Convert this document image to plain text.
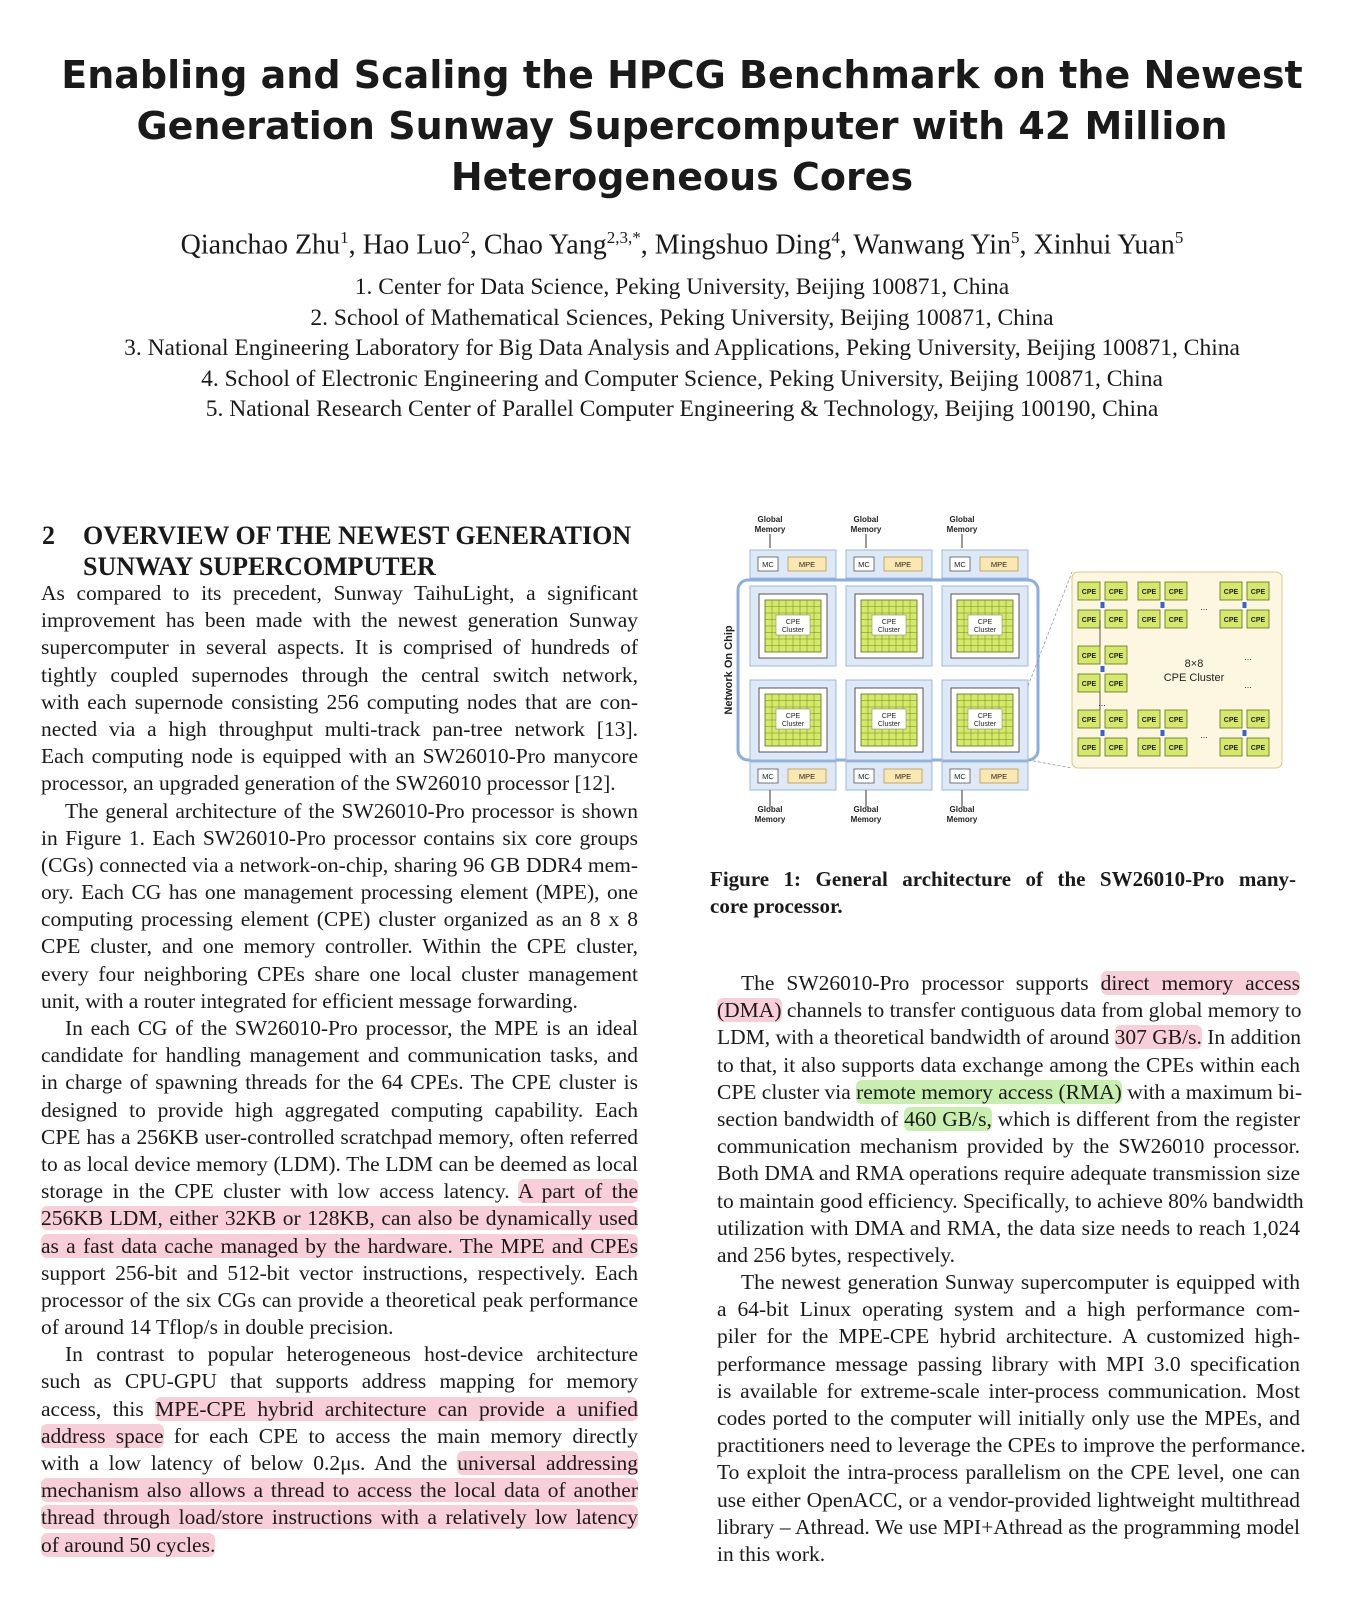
Enabling and Scaling the HPCG Benchmark on the Newest
Generation Sunway Supercomputer with 42 Million
Heterogeneous Cores
Qianchao Zhu$^1$, Hao Luo$^2$, Chao Yang$^{2,3,*}$, Mingshuo Ding$^4$, Wanwang Yin$^5$, Xinhui Yuan$^5$
1. Center for Data Science, Peking University, Beijing 100871, China
2. School of Mathematical Sciences, Peking University, Beijing 100871, China
3. National Engineering Laboratory for Big Data Analysis and Applications, Peking University, Beijing 100871, China
4. School of Electronic Engineering and Computer Science, Peking University, Beijing 100871, China
5. National Research Center of Parallel Computer Engineering & Technology, Beijing 100190, China
2 OVERVIEW OF THE NEWEST GENERATION
SUNWAY SUPERCOMPUTER
As compared to its precedent, Sunway TaihuLight, a significant
improvement has been made with the newest generation Sunway
supercomputer in several aspects. It is comprised of hundreds of
tightly coupled supernodes through the central switch network,
with each supernode consisting 256 computing nodes that are con-
nected via a high throughput multi-track pan-tree network [13].
Each computing node is equipped with an SW26010-Pro manycore
processor, an upgraded generation of the SW26010 processor [12].
The general architecture of the SW26010-Pro processor is shown
in Figure 1. Each SW26010-Pro processor contains six core groups
(CGs) connected via a network-on-chip, sharing 96 GB DDR4 mem-
ory. Each CG has one management processing element (MPE), one
computing processing element (CPE) cluster organized as an 8 x 8
CPE cluster, and one memory controller. Within the CPE cluster,
every four neighboring CPEs share one local cluster management
unit, with a router integrated for efficient message forwarding.
In each CG of the SW26010-Pro processor, the MPE is an ideal
candidate for handling management and communication tasks, and
in charge of spawning threads for the 64 CPEs. The CPE cluster is
designed to provide high aggregated computing capability. Each
CPE has a 256KB user-controlled scratchpad memory, often referred
to as local device memory (LDM). The LDM can be deemed as local
storage in the CPE cluster with low access latency. A part of the
256KB LDM, either 32KB or 128KB, can also be dynamically used
as a fast data cache managed by the hardware. The MPE and CPEs
support 256-bit and 512-bit vector instructions, respectively. Each
processor of the six CGs can provide a theoretical peak performance
of around 14 Tflop/s in double precision.
In contrast to popular heterogeneous host-device architecture
such as CPU-GPU that supports address mapping for memory
access, this MPE-CPE hybrid architecture can provide a unified
address space for each CPE to access the main memory directly
with a low latency of below 0.2μs. And the universal addressing
mechanism also allows a thread to access the local data of another
thread through load/store instructions with a relatively low latency
of around 50 cycles.
Global
Memory
Global
Memory
Global
Memory
Network On Chip
MC	MPE
CPE
Cluster
CPE
Cluster
MC	MPE
Global
Memory
MC	MPE
CPE
Cluster
CPE
Cluster
MC	MPE
Global
Memory
MC	MPE
CPE
Cluster
CPE
Cluster
MC	MPE
Global
Memory
CPE CPE
CPE CPE
CPE CPE
CPE CPE
CPE CPE
CPE CPE
CPE CPE
CPE CPE
CPE CPE
CPE CPE
CPE CPE
CPE CPE
CPE CPE
CPE CPE
...
...
...
...
...
8×8
CPE Cluster
Figure 1: General architecture of the SW26010-Pro many-
core processor.
The SW26010-Pro processor supports direct memory access
(DMA) channels to transfer contiguous data from global memory to
LDM, with a theoretical bandwidth of around 307 GB/s. In addition
to that, it also supports data exchange among the CPEs within each
CPE cluster via remote memory access (RMA) with a maximum bi-
section bandwidth of 460 GB/s, which is different from the register
communication mechanism provided by the SW26010 processor.
Both DMA and RMA operations require adequate transmission size
to maintain good efficiency. Specifically, to achieve 80% bandwidth
utilization with DMA and RMA, the data size needs to reach 1,024
and 256 bytes, respectively.
The newest generation Sunway supercomputer is equipped with
a 64-bit Linux operating system and a high performance com-
piler for the MPE-CPE hybrid architecture. A customized high-
performance message passing library with MPI 3.0 specification
is available for extreme-scale inter-process communication. Most
codes ported to the computer will initially only use the MPEs, and
practitioners need to leverage the CPEs to improve the performance.
To exploit the intra-process parallelism on the CPE level, one can
use either OpenACC, or a vendor-provided lightweight multithread
library – Athread. We use MPI+Athread as the programming model
in this work.
